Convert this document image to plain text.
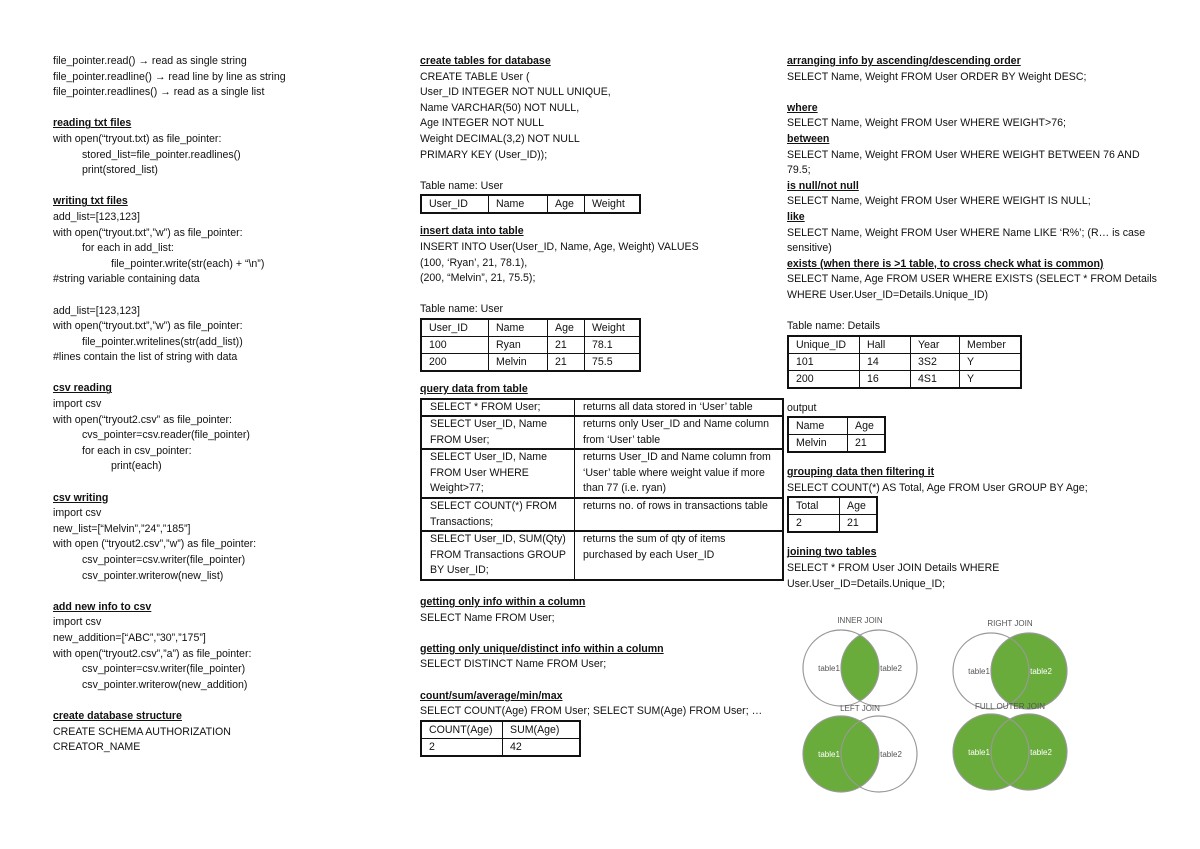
file_pointer.read() → read as single string
file_pointer.readline() → read line by line as string
file_pointer.readlines() → read as a single list
reading txt files
with open(“tryout.txt) as file_pointer:
stored_list=file_pointer.readlines()
print(stored_list)
writing txt files
add_list=[123,123]
with open(“tryout.txt”,”w”) as file_pointer:
for each in add_list:
file_pointer.write(str(each) + “\n”)
#string variable containing data
add_list=[123,123]
with open(“tryout.txt”,”w”) as file_pointer:
file_pointer.writelines(str(add_list))
#lines contain the list of string with data
csv reading
import csv
with open(“tryout2.csv” as file_pointer:
cvs_pointer=csv.reader(file_pointer)
for each in csv_pointer:
print(each)
csv writing
import csv
new_list=[“Melvin”,”24”,”185”]
with open (“tryout2.csv”,”w”) as file_pointer:
csv_pointer=csv.writer(file_pointer)
csv_pointer.writerow(new_list)
add new info to csv
import csv
new_addition=[“ABC”,”30”,”175”]
with open(“tryout2.csv”,”a”) as file_pointer:
csv_pointer=csv.writer(file_pointer)
csv_pointer.writerow(new_addition)
create database structure
CREATE SCHEMA AUTHORIZATION
CREATOR_NAME
create tables for database
CREATE TABLE User (
User_ID INTEGER NOT NULL UNIQUE,
Name VARCHAR(50) NOT NULL,
Age INTEGER NOT NULL
Weight DECIMAL(3,2) NOT NULL
PRIMARY KEY (User_ID));
Table name: User
User_ID	Name	Age	Weight
insert data into table
INSERT INTO User(User_ID, Name, Age, Weight) VALUES
(100, ‘Ryan’, 21, 78.1),
(200, “Melvin”, 21, 75.5);
Table name: User
User_ID	Name	Age	Weight
100	Ryan	21	78.1
200	Melvin	21	75.5
query data from table
SELECT * FROM User;	returns all data stored in ‘User’ table
SELECT User_ID, Name FROM User;	returns only User_ID and Name column from ‘User’ table
SELECT User_ID, Name FROM User WHERE Weight>77;	returns User_ID and Name column from ‘User’ table where weight value if more than 77 (i.e. ryan)
SELECT COUNT(*) FROM Transactions;	returns no. of rows in transactions table
SELECT User_ID, SUM(Qty) FROM Transactions GROUP BY User_ID;	returns the sum of qty of items purchased by each User_ID
getting only info within a column
SELECT Name FROM User;
getting only unique/distinct info within a column
SELECT DISTINCT Name FROM User;
count/sum/average/min/max
SELECT COUNT(Age) FROM User; SELECT SUM(Age) FROM User; …
COUNT(Age)	SUM(Age)
2	42
arranging info by ascending/descending order
SELECT Name, Weight FROM User ORDER BY Weight DESC;
where
SELECT Name, Weight FROM User WHERE WEIGHT>76;
between
SELECT Name, Weight FROM User WHERE WEIGHT BETWEEN 76 AND 79.5;
is null/not null
SELECT Name, Weight FROM User WHERE WEIGHT IS NULL;
like
SELECT Name, Weight FROM User WHERE Name LIKE ‘R%’; (R… is case sensitive)
exists (when there is >1 table, to cross check what is common)
SELECT Name, Age FROM USER WHERE EXISTS (SELECT * FROM Details WHERE User.User_ID=Details.Unique_ID)
Table name: Details
Unique_ID	Hall	Year	Member
101	14	3S2	Y
200	16	4S1	Y
output
Name	Age
Melvin	21
grouping data then filtering it
SELECT COUNT(*) AS Total, Age FROM User GROUP BY Age;
Total	Age
2	21
joining two tables
SELECT * FROM User JOIN Details WHERE User.User_ID=Details.Unique_ID;
INNER JOIN
table1	table2
RIGHT JOIN
table1	table2
LEFT JOIN
table1	table2
FULL OUTER JOIN
table1	table2
